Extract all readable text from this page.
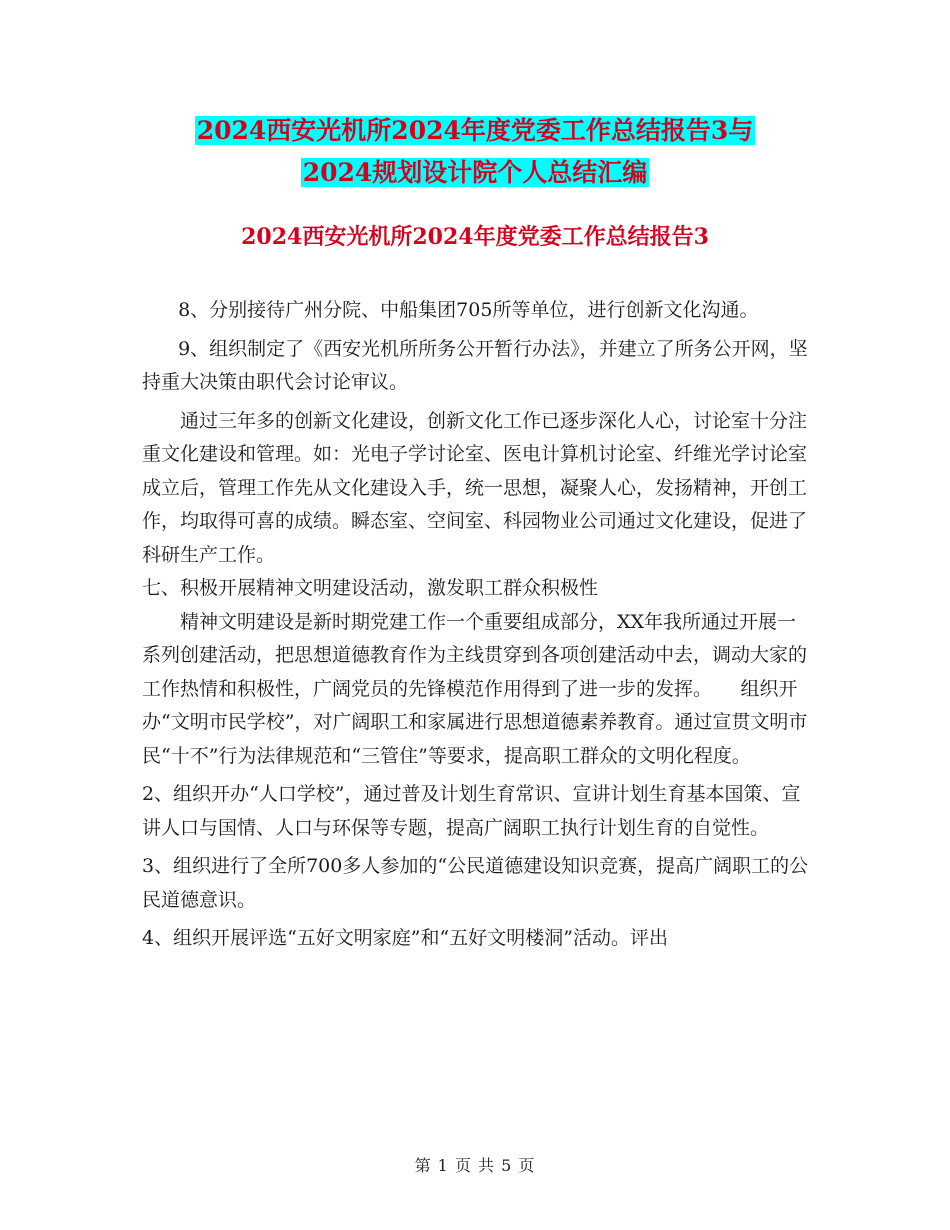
2024西安光机所2024年度党委工作总结报告3与
2024规划设计院个人总结汇编
2024西安光机所2024年度党委工作总结报告3

8、分别接待广州分院、中船集团705所等单位，进行创新文化沟通。

9、组织制定了《西安光机所所务公开暂行办法》，并建立了所务公开网，坚持重大决策由职代会讨论审议。

通过三年多的创新文化建设，创新文化工作已逐步深化人心，讨论室十分注重文化建设和管理。如：光电子学讨论室、医电计算机讨论室、纤维光学讨论室成立后，管理工作先从文化建设入手，统一思想，凝聚人心，发扬精神，开创工作，均取得可喜的成绩。瞬态室、空间室、科园物业公司通过文化建设，促进了科研生产工作。

七、积极开展精神文明建设活动，激发职工群众积极性

精神文明建设是新时期党建工作一个重要组成部分，XX年我所通过开展一系列创建活动，把思想道德教育作为主线贯穿到各项创建活动中去，调动大家的工作热情和积极性，广阔党员的先锋模范作用得到了进一步的发挥。　　组织开办“文明市民学校”，对广阔职工和家属进行思想道德素养教育。通过宣贯文明市民“十不”行为法律规范和“三管住”等要求，提高职工群众的文明化程度。

2、组织开办“人口学校”，通过普及计划生育常识、宣讲计划生育基本国策、宣讲人口与国情、人口与环保等专题，提高广阔职工执行计划生育的自觉性。

3、组织进行了全所700多人参加的“公民道德建设知识竞赛，提高广阔职工的公民道德意识。

4、组织开展评选“五好文明家庭”和“五好文明楼洞”活动。评出

第 1 页 共 5 页
